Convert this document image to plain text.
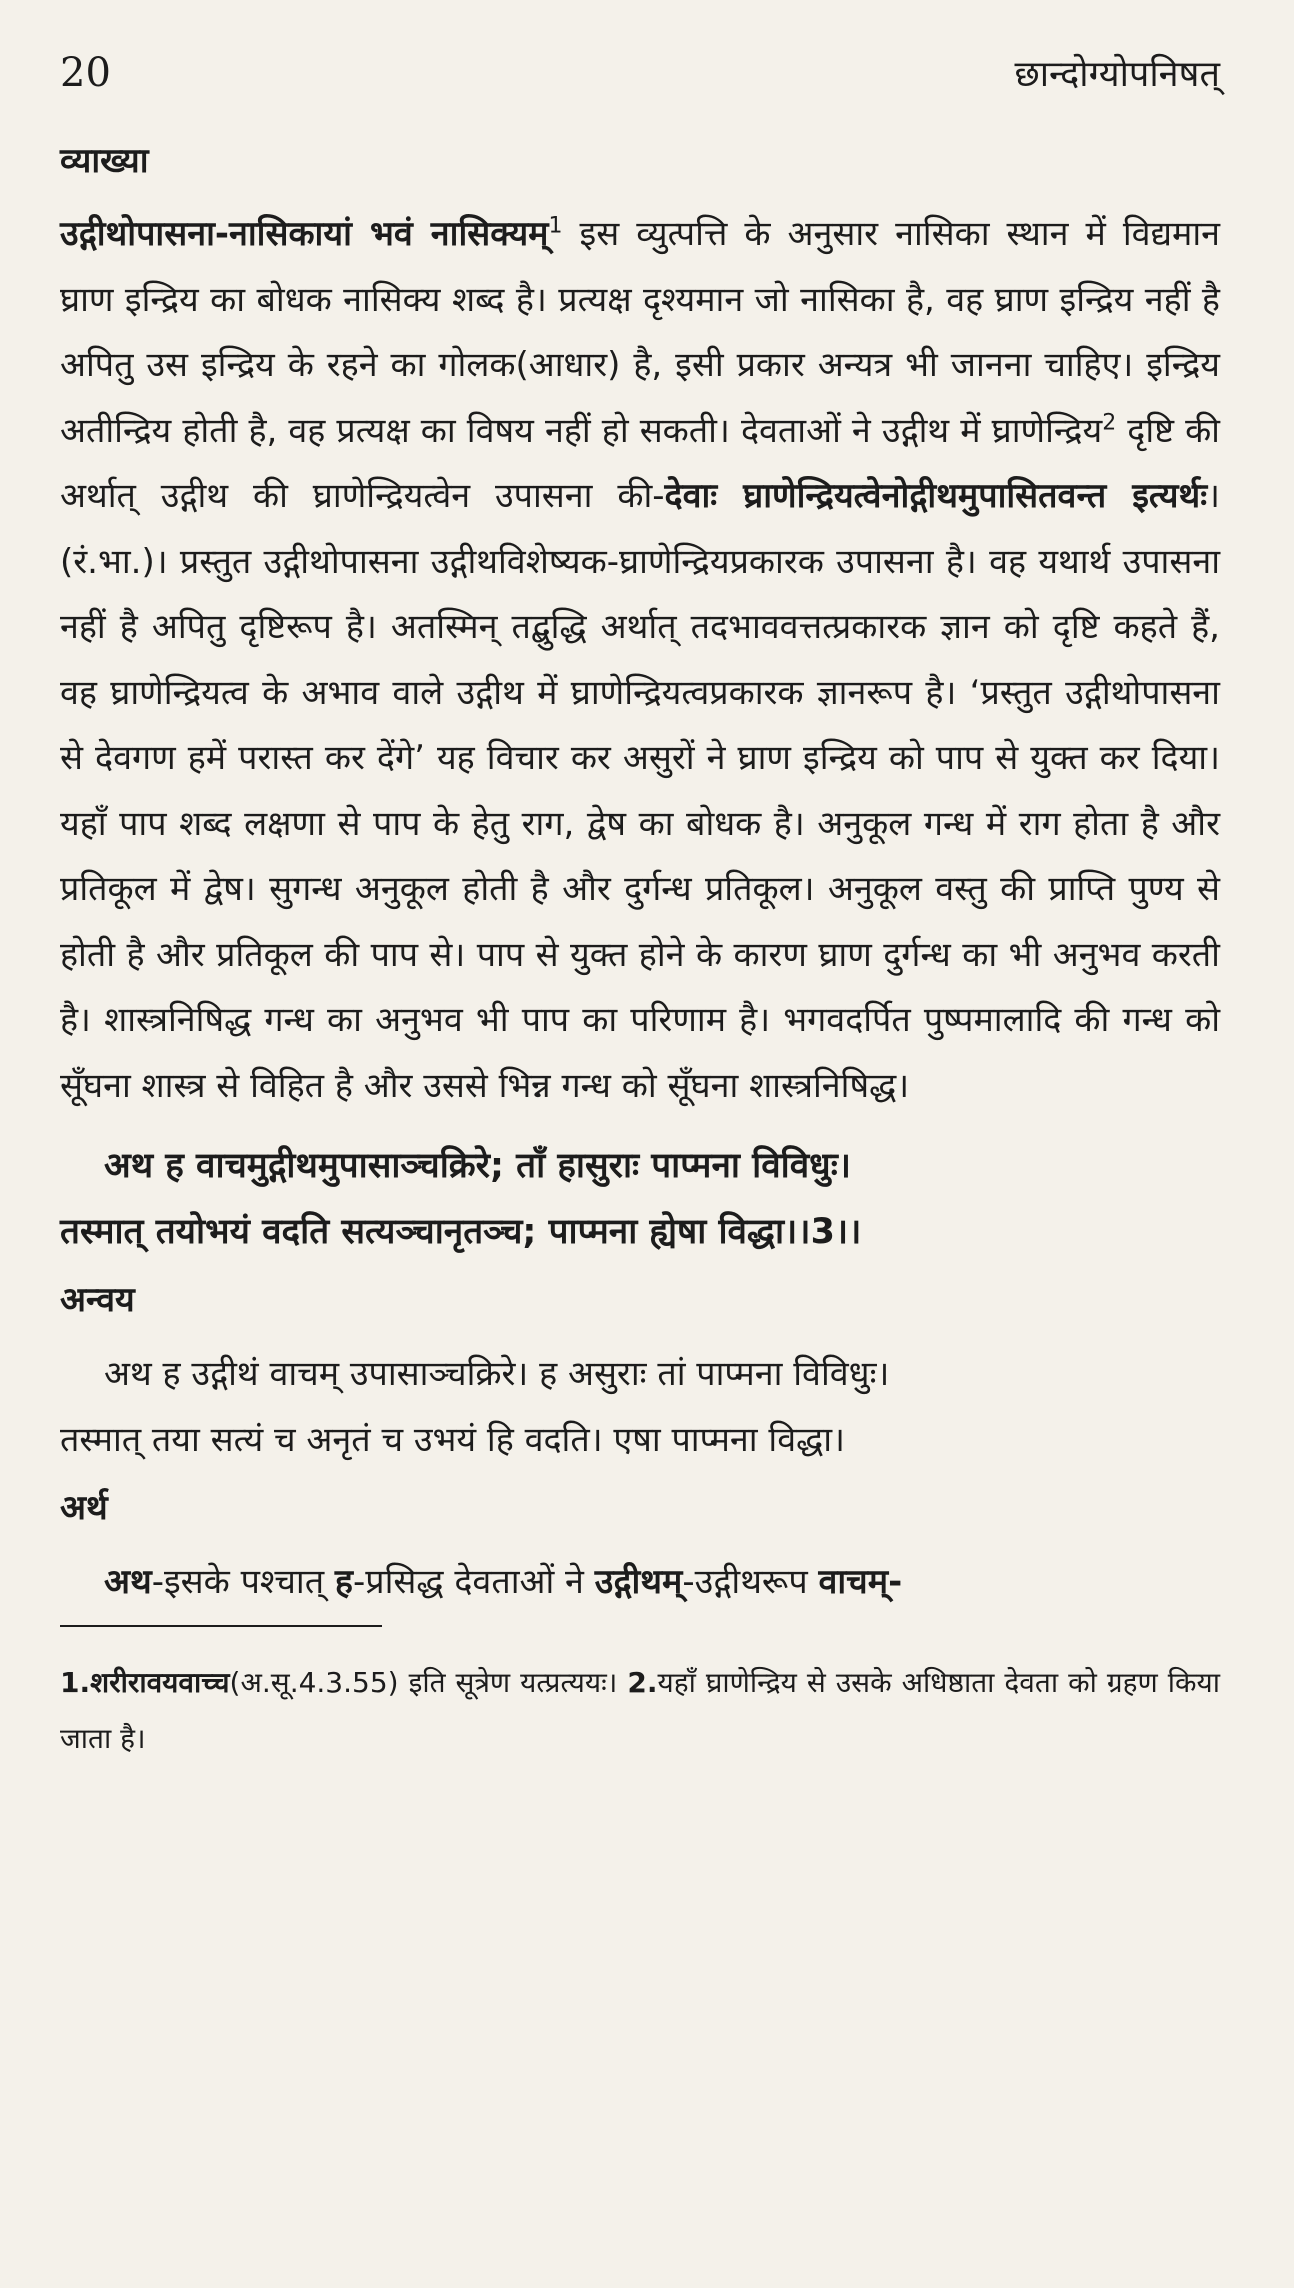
20	छान्दोग्योपनिषत्
व्याख्या

उद्गीथोपासना-नासिकायां भवं नासिक्यम्$^1$ इस व्युत्पत्ति के अनुसार नासिका स्थान में विद्यमान घ्राण इन्द्रिय का बोधक नासिक्य शब्द है। प्रत्यक्ष दृश्यमान जो नासिका है, वह घ्राण इन्द्रिय नहीं है अपितु उस इन्द्रिय के रहने का गोलक(आधार) है, इसी प्रकार अन्यत्र भी जानना चाहिए। इन्द्रिय अतीन्द्रिय होती है, वह प्रत्यक्ष का विषय नहीं हो सकती। देवताओं ने उद्गीथ में घ्राणेन्द्रिय$^2$ दृष्टि की अर्थात् उद्गीथ की घ्राणेन्द्रियत्वेन उपासना की-देवाः घ्राणेन्द्रियत्वेनोद्गीथमुपासितवन्त इत्यर्थः।(रं.भा.)। प्रस्तुत उद्गीथोपासना उद्गीथविशेष्यक-घ्राणेन्द्रियप्रकारक उपासना है। वह यथार्थ उपासना नहीं है अपितु दृष्टिरूप है। अतस्मिन् तद्बुद्धि अर्थात् तदभाववत्तत्प्रकारक ज्ञान को दृष्टि कहते हैं, वह घ्राणेन्द्रियत्व के अभाव वाले उद्गीथ में घ्राणेन्द्रियत्वप्रकारक ज्ञानरूप है। ‘प्रस्तुत उद्गीथोपासना से देवगण हमें परास्त कर देंगे’ यह विचार कर असुरों ने घ्राण इन्द्रिय को पाप से युक्त कर दिया। यहाँ पाप शब्द लक्षणा से पाप के हेतु राग, द्वेष का बोधक है। अनुकूल गन्ध में राग होता है और प्रतिकूल में द्वेष। सुगन्ध अनुकूल होती है और दुर्गन्ध प्रतिकूल। अनुकूल वस्तु की प्राप्ति पुण्य से होती है और प्रतिकूल की पाप से। पाप से युक्त होने के कारण घ्राण दुर्गन्ध का भी अनुभव करती है। शास्त्रनिषिद्ध गन्ध का अनुभव भी पाप का परिणाम है। भगवदर्पित पुष्पमालादि की गन्ध को सूँघना शास्त्र से विहित है और उससे भिन्न गन्ध को सूँघना शास्त्रनिषिद्ध।

अथ ह वाचमुद्गीथमुपासाञ्चक्रिरे; ताँ हासुराः पाप्मना विविधुः।
तस्मात् तयोभयं वदति सत्यञ्चानृतञ्च; पाप्मना ह्येषा विद्धा।।3।।
अन्वय

अथ ह उद्गीथं वाचम् उपासाञ्चक्रिरे। ह असुराः तां पाप्मना विविधुः।
तस्मात् तया सत्यं च अनृतं च उभयं हि वदति। एषा पाप्मना विद्धा।

अर्थ

अथ-इसके पश्चात् ह-प्रसिद्ध देवताओं ने उद्गीथम्-उद्गीथरूप वाचम्-

1.शरीरावयवाच्च(अ.सू.4.3.55) इति सूत्रेण यत्प्रत्ययः। 2.यहाँ घ्राणेन्द्रिय से उसके अधिष्ठाता देवता को ग्रहण किया जाता है।
